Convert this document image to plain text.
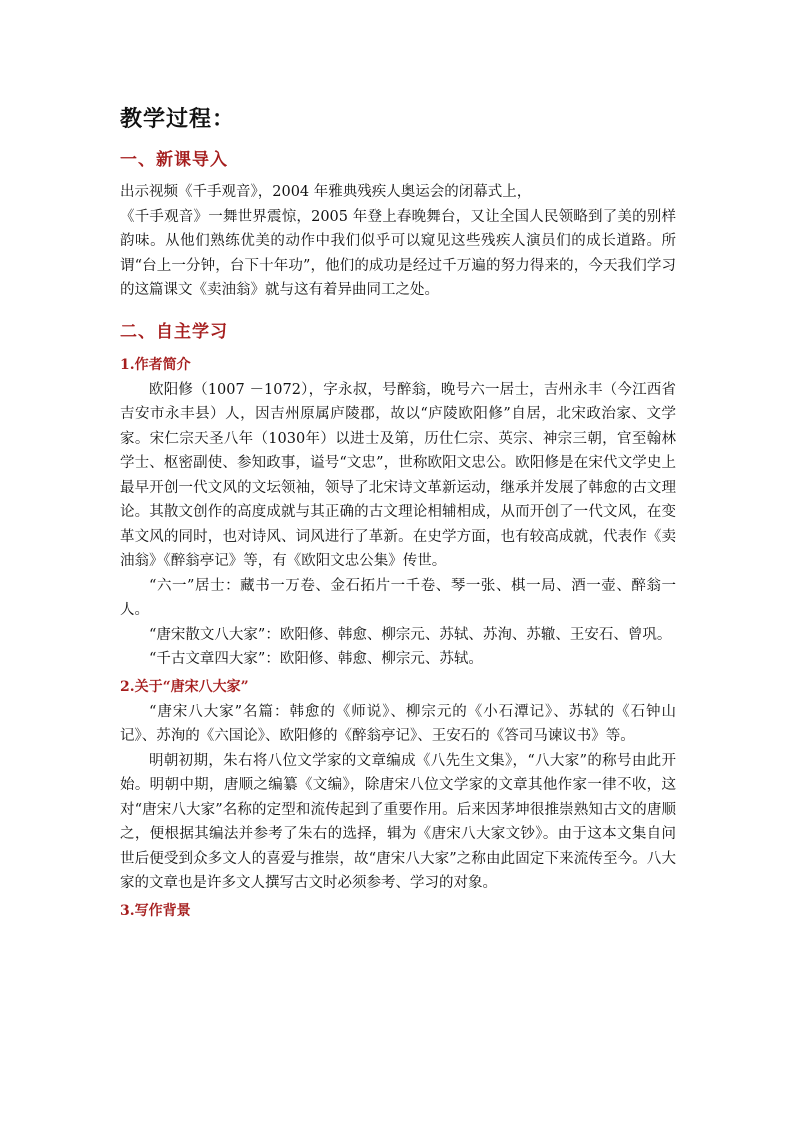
教学过程：
一、新课导入

出示视频《千手观音》，2004 年雅典残疾人奥运会的闭幕式上，

《千手观音》一舞世界震惊，2005 年登上春晚舞台，又让全国人民领略到了美的别样韵味。从他们熟练优美的动作中我们似乎可以窥见这些残疾人演员们的成长道路。所谓“台上一分钟，台下十年功”，他们的成功是经过千万遍的努力得来的，今天我们学习的这篇课文《卖油翁》就与这有着异曲同工之处。

二、自主学习
1.作者简介

欧阳修（1007 －1072），字永叔，号醉翁，晚号六一居士，吉州永丰（今江西省吉安市永丰县）人，因吉州原属庐陵郡，故以“庐陵欧阳修”自居，北宋政治家、文学家。宋仁宗天圣八年（1030年）以进士及第，历仕仁宗、英宗、神宗三朝，官至翰林学士、枢密副使、参知政事，谥号“文忠”，世称欧阳文忠公。欧阳修是在宋代文学史上最早开创一代文风的文坛领袖，领导了北宋诗文革新运动，继承并发展了韩愈的古文理论。其散文创作的高度成就与其正确的古文理论相辅相成，从而开创了一代文风，在变革文风的同时，也对诗风、词风进行了革新。在史学方面，也有较高成就，代表作《卖油翁》《醉翁亭记》等，有《欧阳文忠公集》传世。

“六一”居士：藏书一万卷、金石拓片一千卷、琴一张、棋一局、酒一壶、醉翁一人。

“唐宋散文八大家”：欧阳修、韩愈、柳宗元、苏轼、苏洵、苏辙、王安石、曾巩。

“千古文章四大家”：欧阳修、韩愈、柳宗元、苏轼。

2.关于“唐宋八大家”

“唐宋八大家”名篇：韩愈的《师说》、柳宗元的《小石潭记》、苏轼的《石钟山记》、苏洵的《六国论》、欧阳修的《醉翁亭记》、王安石的《答司马谏议书》等。

明朝初期，朱右将八位文学家的文章编成《八先生文集》，“八大家”的称号由此开始。明朝中期，唐顺之编纂《文编》，除唐宋八位文学家的文章其他作家一律不收，这对“唐宋八大家”名称的定型和流传起到了重要作用。后来因茅坤很推崇熟知古文的唐顺之，便根据其编法并参考了朱右的选择，辑为《唐宋八大家文钞》。由于这本文集自问世后便受到众多文人的喜爱与推崇，故“唐宋八大家”之称由此固定下来流传至今。八大家的文章也是许多文人撰写古文时必须参考、学习的对象。

3.写作背景
